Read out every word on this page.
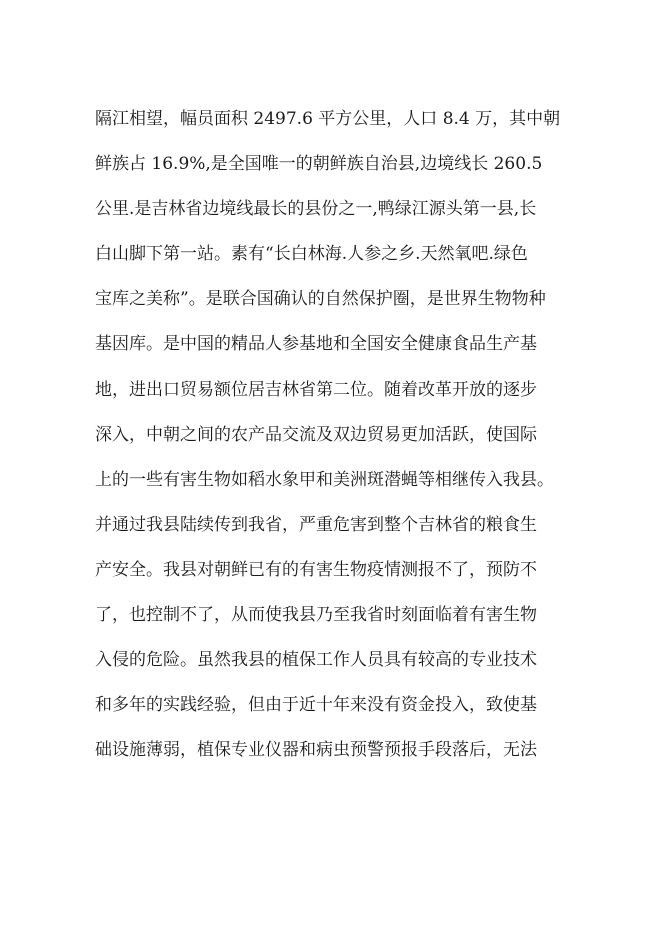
隔江相望，幅员面积 2497.6 平方公里，人口 8.4 万，其中朝
鲜族占 16.9%,是全国唯一的朝鲜族自治县,边境线长 260.5
公里.是吉林省边境线最长的县份之一,鸭绿江源头第一县,长
白山脚下第一站。素有“长白林海.人参之乡.天然氧吧.绿色
宝库之美称”。是联合国确认的自然保护圈，是世界生物物种
基因库。是中国的精品人参基地和全国安全健康食品生产基
地，进出口贸易额位居吉林省第二位。随着改革开放的逐步
深入，中朝之间的农产品交流及双边贸易更加活跃，使国际
上的一些有害生物如稻水象甲和美洲斑潜蝇等相继传入我县。
并通过我县陆续传到我省，严重危害到整个吉林省的粮食生
产安全。我县对朝鲜已有的有害生物疫情测报不了，预防不
了，也控制不了，从而使我县乃至我省时刻面临着有害生物
入侵的危险。虽然我县的植保工作人员具有较高的专业技术
和多年的实践经验，但由于近十年来没有资金投入，致使基
础设施薄弱，植保专业仪器和病虫预警预报手段落后，无法
